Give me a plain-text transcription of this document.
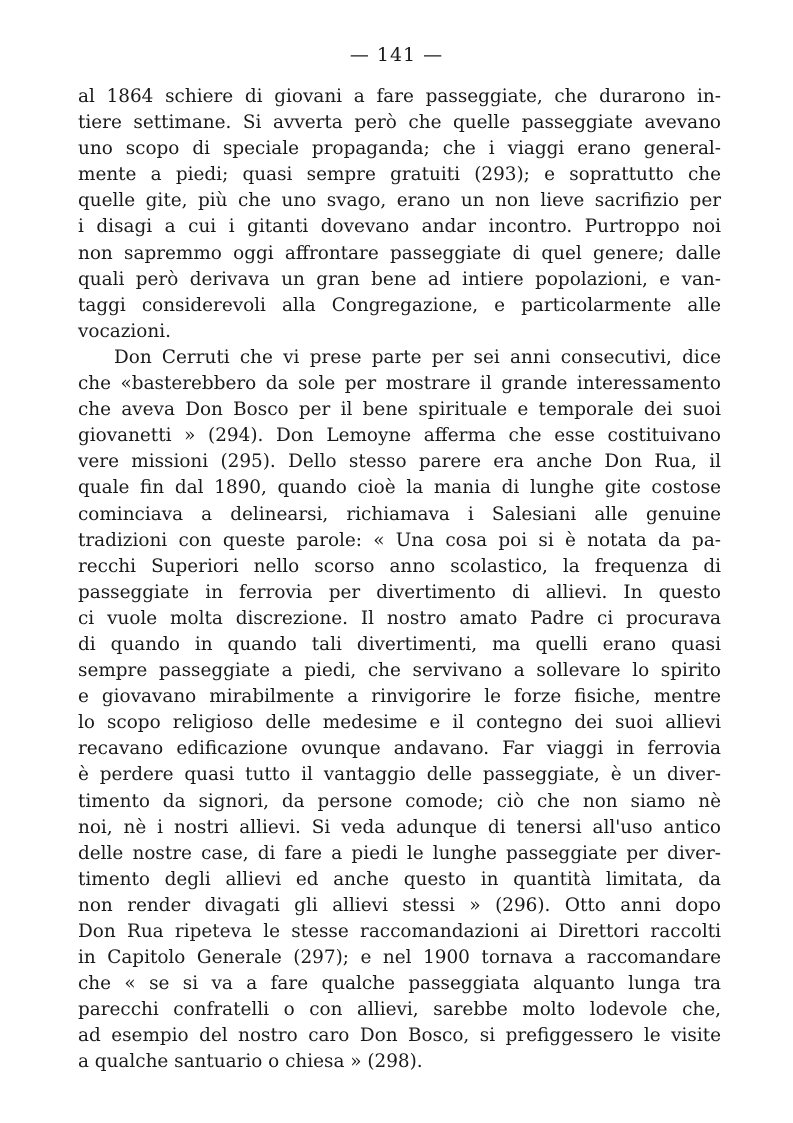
— 141 —
al 1864 schiere di giovani a fare passeggiate, che durarono in-
tiere settimane. Si avverta però che quelle passeggiate avevano
uno scopo di speciale propaganda; che i viaggi erano general-
mente a piedi; quasi sempre gratuiti (293); e soprattutto che
quelle gite, più che uno svago, erano un non lieve sacrifizio per
i disagi a cui i gitanti dovevano andar incontro. Purtroppo noi
non sapremmo oggi affrontare passeggiate di quel genere; dalle
quali però derivava un gran bene ad intiere popolazioni, e van-
taggi considerevoli alla Congregazione, e particolarmente alle
vocazioni.
Don Cerruti che vi prese parte per sei anni consecutivi, dice
che «basterebbero da sole per mostrare il grande interessamento
che aveva Don Bosco per il bene spirituale e temporale dei suoi
giovanetti » (294). Don Lemoyne afferma che esse costituivano
vere missioni (295). Dello stesso parere era anche Don Rua, il
quale fin dal 1890, quando cioè la mania di lunghe gite costose
cominciava a delinearsi, richiamava i Salesiani alle genuine
tradizioni con queste parole: « Una cosa poi si è notata da pa-
recchi Superiori nello scorso anno scolastico, la frequenza di
passeggiate in ferrovia per divertimento di allievi. In questo
ci vuole molta discrezione. Il nostro amato Padre ci procurava
di quando in quando tali divertimenti, ma quelli erano quasi
sempre passeggiate a piedi, che servivano a sollevare lo spirito
e giovavano mirabilmente a rinvigorire le forze fisiche, mentre
lo scopo religioso delle medesime e il contegno dei suoi allievi
recavano edificazione ovunque andavano. Far viaggi in ferrovia
è perdere quasi tutto il vantaggio delle passeggiate, è un diver-
timento da signori, da persone comode; ciò che non siamo nè
noi, nè i nostri allievi. Si veda adunque di tenersi all'uso antico
delle nostre case, di fare a piedi le lunghe passeggiate per diver-
timento degli allievi ed anche questo in quantità limitata, da
non render divagati gli allievi stessi » (296). Otto anni dopo
Don Rua ripeteva le stesse raccomandazioni ai Direttori raccolti
in Capitolo Generale (297); e nel 1900 tornava a raccomandare
che « se si va a fare qualche passeggiata alquanto lunga tra
parecchi confratelli o con allievi, sarebbe molto lodevole che,
ad esempio del nostro caro Don Bosco, si prefiggessero le visite
a qualche santuario o chiesa » (298).
